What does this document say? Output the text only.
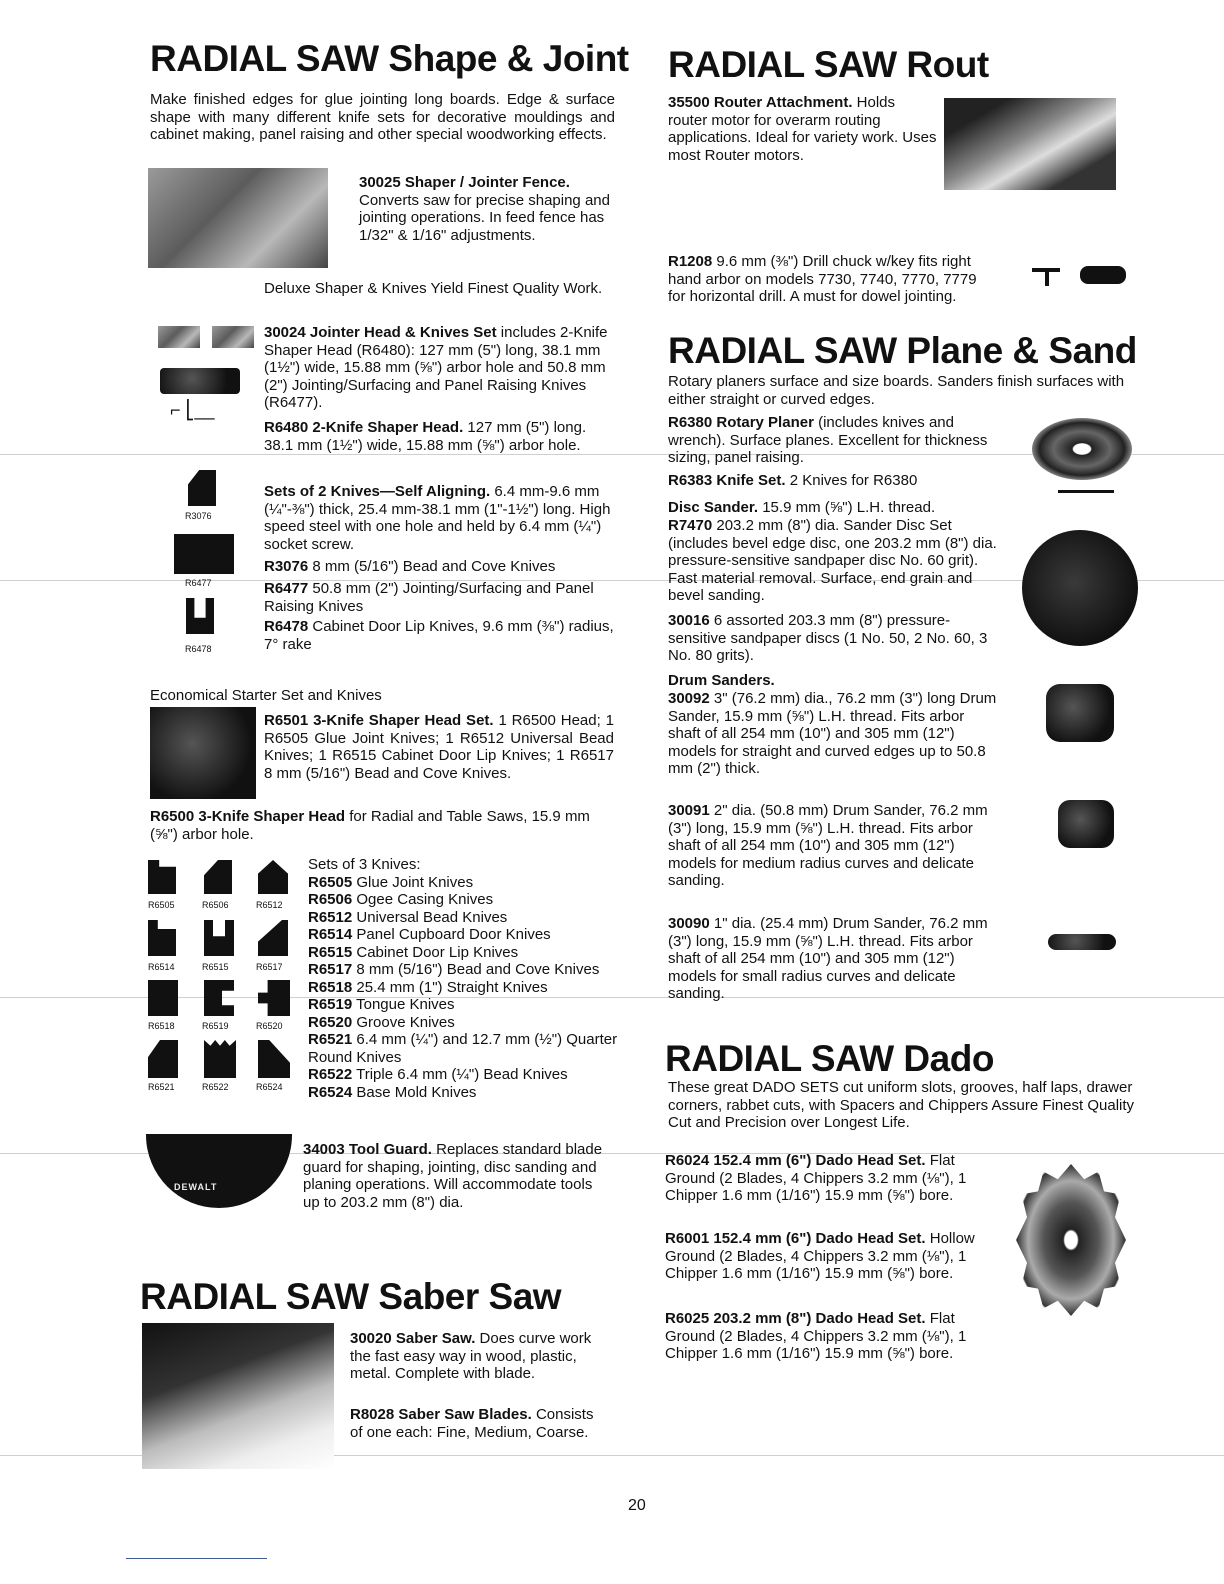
RADIAL SAW Shape & Joint
Make finished edges for glue jointing long boards. Edge & surface shape with many different knife sets for decorative mouldings and cabinet making, panel raising and other special woodworking effects.
30025 Shaper / Jointer Fence. Converts saw for precise shaping and jointing operations. In feed fence has 1/32" & 1/16" adjustments.
Deluxe Shaper & Knives Yield Finest Quality Work.
⌐ ⎣__
30024 Jointer Head & Knives Set includes 2-Knife Shaper Head (R6480): 127 mm (5") long, 38.1 mm (1½") wide, 15.88 mm (⅝") arbor hole and 50.8 mm (2") Jointing/Surfacing and Panel Raising Knives (R6477).
R6480 2-Knife Shaper Head. 127 mm (5") long. 38.1 mm (1½") wide, 15.88 mm (⅝") arbor hole.
R3076
R6477
R6478
Sets of 2 Knives—Self Aligning. 6.4 mm-9.6 mm (¼"-⅜") thick, 25.4 mm-38.1 mm (1"-1½") long. High speed steel with one hole and held by 6.4 mm (¼") socket screw.
R3076 8 mm (5/16") Bead and Cove Knives
R6477 50.8 mm (2") Jointing/Surfacing and Panel Raising Knives
R6478 Cabinet Door Lip Knives, 9.6 mm (⅜") radius, 7° rake
Economical Starter Set and Knives
R6501 3-Knife Shaper Head Set. 1 R6500 Head; 1 R6505 Glue Joint Knives; 1 R6512 Universal Bead Knives; 1 R6515 Cabinet Door Lip Knives; 1 R6517 8 mm (5/16") Bead and Cove Knives.
R6500 3-Knife Shaper Head for Radial and Table Saws, 15.9 mm (⅝") arbor hole.
R6505	R6506	R6512
R6514	R6515	R6517
R6518	R6519	R6520
R6521	R6522	R6524
Sets of 3 Knives:
R6505 Glue Joint Knives
R6506 Ogee Casing Knives
R6512 Universal Bead Knives
R6514 Panel Cupboard Door Knives
R6515 Cabinet Door Lip Knives
R6517 8 mm (5/16") Bead and Cove Knives
R6518 25.4 mm (1") Straight Knives
R6519 Tongue Knives
R6520 Groove Knives
R6521 6.4 mm (¼") and 12.7 mm (½") Quarter Round Knives
R6522 Triple 6.4 mm (¼") Bead Knives
R6524 Base Mold Knives
DEWALT
34003 Tool Guard. Replaces standard blade guard for shaping, jointing, disc sanding and planing operations. Will accommodate tools up to 203.2 mm (8") dia.
RADIAL SAW Saber Saw
30020 Saber Saw. Does curve work the fast easy way in wood, plastic, metal. Complete with blade.
R8028 Saber Saw Blades. Consists of one each: Fine, Medium, Coarse.
RADIAL SAW Rout
35500 Router Attachment. Holds router motor for overarm routing applications. Ideal for variety work. Uses most Router motors.
R1208 9.6 mm (⅜") Drill chuck w/key fits right hand arbor on models 7730, 7740, 7770, 7779 for horizontal drill. A must for dowel jointing.
RADIAL SAW Plane & Sand
Rotary planers surface and size boards. Sanders finish surfaces with either straight or curved edges.
R6380 Rotary Planer (includes knives and wrench). Surface planes. Excellent for thickness sizing, panel raising.
R6383 Knife Set. 2 Knives for R6380
Disc Sander. 15.9 mm (⅝") L.H. thread.
R7470 203.2 mm (8") dia. Sander Disc Set (includes bevel edge disc, one 203.2 mm (8") dia. pressure-sensitive sandpaper disc No. 60 grit). Fast material removal. Surface, end grain and bevel sanding.
30016 6 assorted 203.3 mm (8") pressure-sensitive sandpaper discs (1 No. 50, 2 No. 60, 3 No. 80 grits).
Drum Sanders.
30092 3" (76.2 mm) dia., 76.2 mm (3") long Drum Sander, 15.9 mm (⅝") L.H. thread. Fits arbor shaft of all 254 mm (10") and 305 mm (12") models for straight and curved edges up to 50.8 mm (2") thick.
30091 2" dia. (50.8 mm) Drum Sander, 76.2 mm (3") long, 15.9 mm (⅝") L.H. thread. Fits arbor shaft of all 254 mm (10") and 305 mm (12") models for medium radius curves and delicate sanding.
30090 1" dia. (25.4 mm) Drum Sander, 76.2 mm (3") long, 15.9 mm (⅝") L.H. thread. Fits arbor shaft of all 254 mm (10") and 305 mm (12") models for small radius curves and delicate sanding.
RADIAL SAW Dado
These great DADO SETS cut uniform slots, grooves, half laps, drawer corners, rabbet cuts, with Spacers and Chippers Assure Finest Quality Cut and Precision over Longest Life.
R6024 152.4 mm (6") Dado Head Set. Flat Ground (2 Blades, 4 Chippers 3.2 mm (⅛"), 1 Chipper 1.6 mm (1/16") 15.9 mm (⅝") bore.
R6001 152.4 mm (6") Dado Head Set. Hollow Ground (2 Blades, 4 Chippers 3.2 mm (⅛"), 1 Chipper 1.6 mm (1/16") 15.9 mm (⅝") bore.
R6025 203.2 mm (8") Dado Head Set. Flat Ground (2 Blades, 4 Chippers 3.2 mm (⅛"), 1 Chipper 1.6 mm (1/16") 15.9 mm (⅝") bore.
20
